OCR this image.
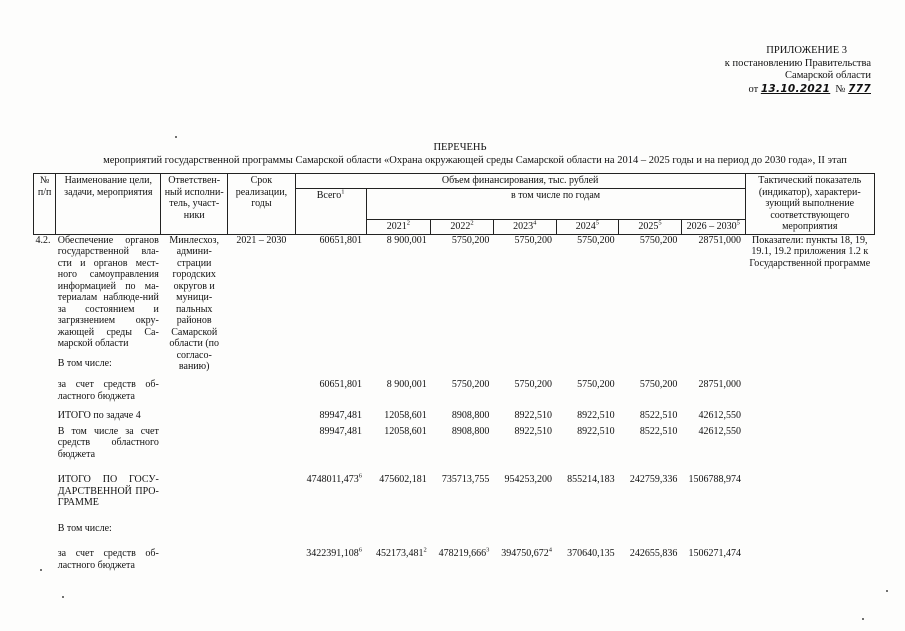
ПРИЛОЖЕНИЕ 3
к постановлению Правительства
Самарской области
от 13.10.2021 № 777
ПЕРЕЧЕНЬ
мероприятий государственной программы Самарской области «Охрана окружающей среды Самарской области на 2014 – 2025 годы и на период до 2030 года», II этап
№ п/п	Наименование цели, задачи, мероприятия	Ответствен-ный исполни-тель, участ-ники	Срок реализации, годы	Объем финансирования, тыс. рублей							Тактический показатель (индикатор), характери-зующий выполнение соответствующего мероприятия
				Всего$^1$	в том числе по годам						
					2021$^2$	2022$^2$	2023$^4$	2024$^5$	2025$^5$	2026 – 2030$^5$
4.2.	Обеспечение органов государственной вла-сти и органов мест-ного самоуправления информацией по ма-териалам наблюде-ний за состоянием и загрязнением окру-жающей среды Са-марской области	Минлесхоз, админи-страции городских округов и муници-пальных районов Самарской области (по согласо-ванию)	2021 – 2030	60651,801	8 900,001	5750,200	5750,200	5750,200	5750,200	28751,000	Показатели: пункты 18, 19, 19.1, 19.2 приложения 1.2 к Государственной программе
	В том числе:										
	за счет средств об-ластного бюджета			60651,801	8 900,001	5750,200	5750,200	5750,200	5750,200	28751,000	

	ИТОГО по задаче 4			89947,481	12058,601	8908,800	8922,510	8922,510	8522,510	42612,550	

	В том числе за счет средств областного бюджета			89947,481	12058,601	8908,800	8922,510	8922,510	8522,510	42612,550	

	ИТОГО ПО ГОСУ-ДАРСТВЕННОЙ ПРО-ГРАММЕ			4748011,473$^6$	475602,181	735713,755	954253,200	855214,183	242759,336	1506788,974	
	В том числе:										
	за счет средств об-ластного бюджета			3422391,108$^6$	452173,481$^2$	478219,666$^3$	394750,672$^4$	370640,135	242655,836	1506271,474	
